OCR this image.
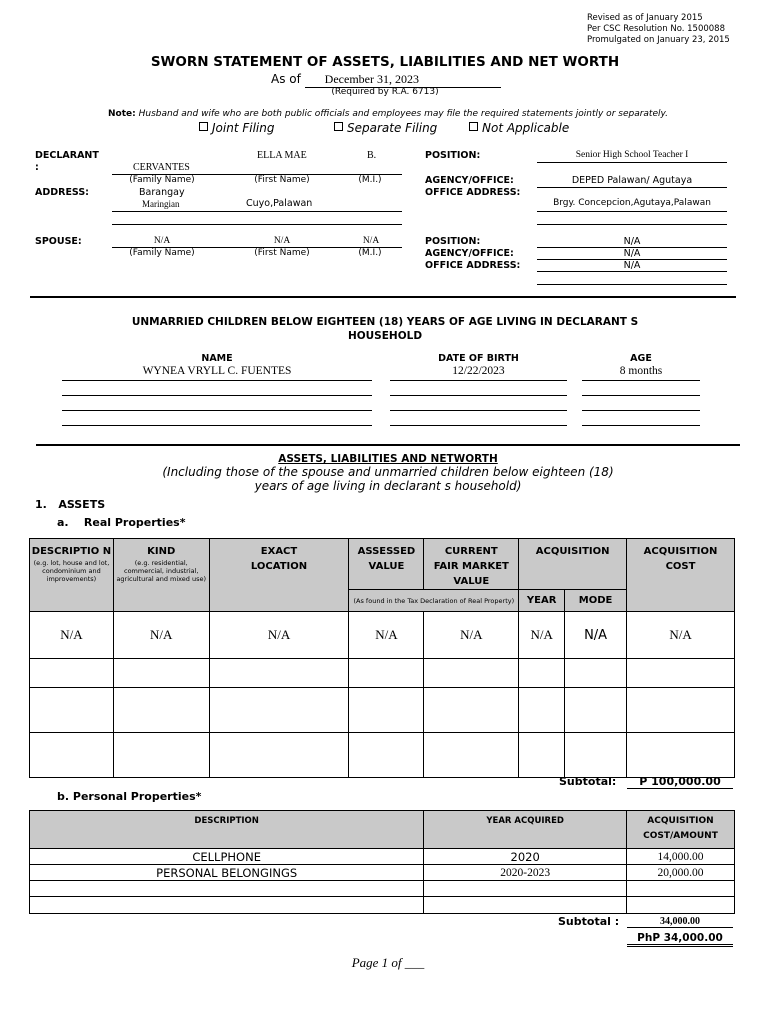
Revised as of January 2015
Per CSC Resolution No. 1500088
Promulgated on January 23, 2015
SWORN STATEMENT OF ASSETS, LIABILITIES AND NET WORTH
As of December 31, 2023
(Required by R.A. 6713)
Note: Husband and wife who are both public officials and employees may file the required statements jointly or separately.
Joint Filing	Separate Filing	Not Applicable
DECLARANT
:	CERVANTES
ELLA MAE	B.
(Family Name)	(First Name)	(M.I.)
ADDRESS:	Barangay
Maringian	Cuyo,Palawan
POSITION:	Senior High School Teacher I
AGENCY/OFFICE:	DEPED Palawan/ Agutaya
OFFICE ADDRESS:
Brgy. Concepcion,Agutaya,Palawan
SPOUSE:	N/A	N/A	N/A
(Family Name)	(First Name)	(M.I.)
POSITION:	N/A
AGENCY/OFFICE:	N/A
OFFICE ADDRESS:	N/A
UNMARRIED CHILDREN BELOW EIGHTEEN (18) YEARS OF AGE LIVING IN DECLARANT S
HOUSEHOLD
NAME	DATE OF BIRTH	AGE
WYNEA VRYLL C. FUENTES	12/22/2023	8 months
ASSETS, LIABILITIES AND NETWORTH
(Including those of the spouse and unmarried children below eighteen (18)
years of age living in declarant s household)
1.   ASSETS
a.    Real Properties*
DESCRIPTIO N
(e.g. lot, house and lot, condominium and improvements)	KIND
(e.g. residential, commercial, industrial, agricultural and mixed use)	EXACT LOCATION	ASSESSED VALUE	CURRENT FAIR MARKET VALUE	ACQUISITION		ACQUISITION COST

			(As found in the Tax Declaration of Real Property)		YEAR	MODE	
N/A	N/A	N/A	N/A	N/A	N/A	N/A	N/A

Subtotal:	P 100,000.00
b. Personal Properties*
DESCRIPTION	YEAR ACQUIRED	ACQUISITION COST/AMOUNT
CELLPHONE	2020	14,000.00
PERSONAL BELONGINGS	2020-2023	20,000.00

Subtotal :	34,000.00
PhP 34,000.00
Page 1 of ___
